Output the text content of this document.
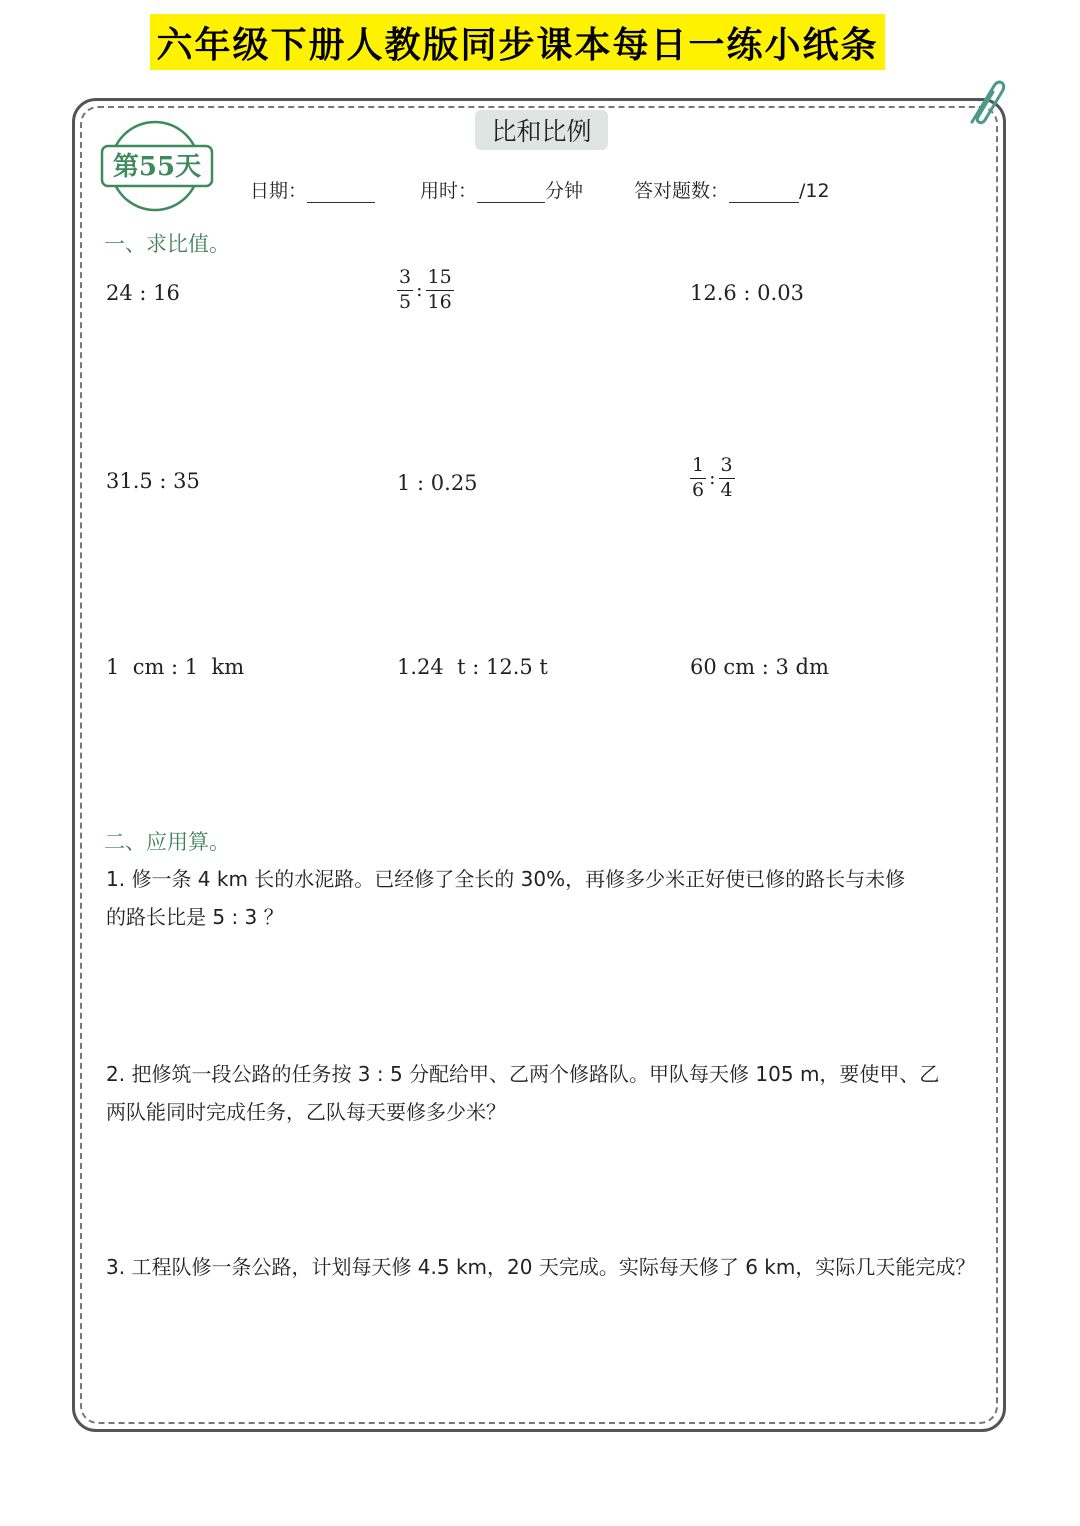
六年级下册人教版同步课本每日一练小纸条
比和比例
第55天
日期：	用时：	分钟	答对题数：	/12
一、求比值。
24 : 16	$\frac{3}{5}$ : $\frac{15}{16}$	12.6 : 0.03
31.5 : 35	1 : 0.25	$\frac{1}{6}$ : $\frac{3}{4}$
1  cm : 1  km	1.24  t : 12.5 t	60 cm : 3 dm
二、应用算。
1. 修一条 4 km 长的水泥路。已经修了全长的 30%，再修多少米正好使已修的路长与未修
的路长比是 5 : 3 ？
2. 把修筑一段公路的任务按 3 : 5 分配给甲、乙两个修路队。甲队每天修 105 m，要使甲、乙
两队能同时完成任务，乙队每天要修多少米？
3. 工程队修一条公路，计划每天修 4.5 km，20 天完成。实际每天修了 6 km，实际几天能完成？
